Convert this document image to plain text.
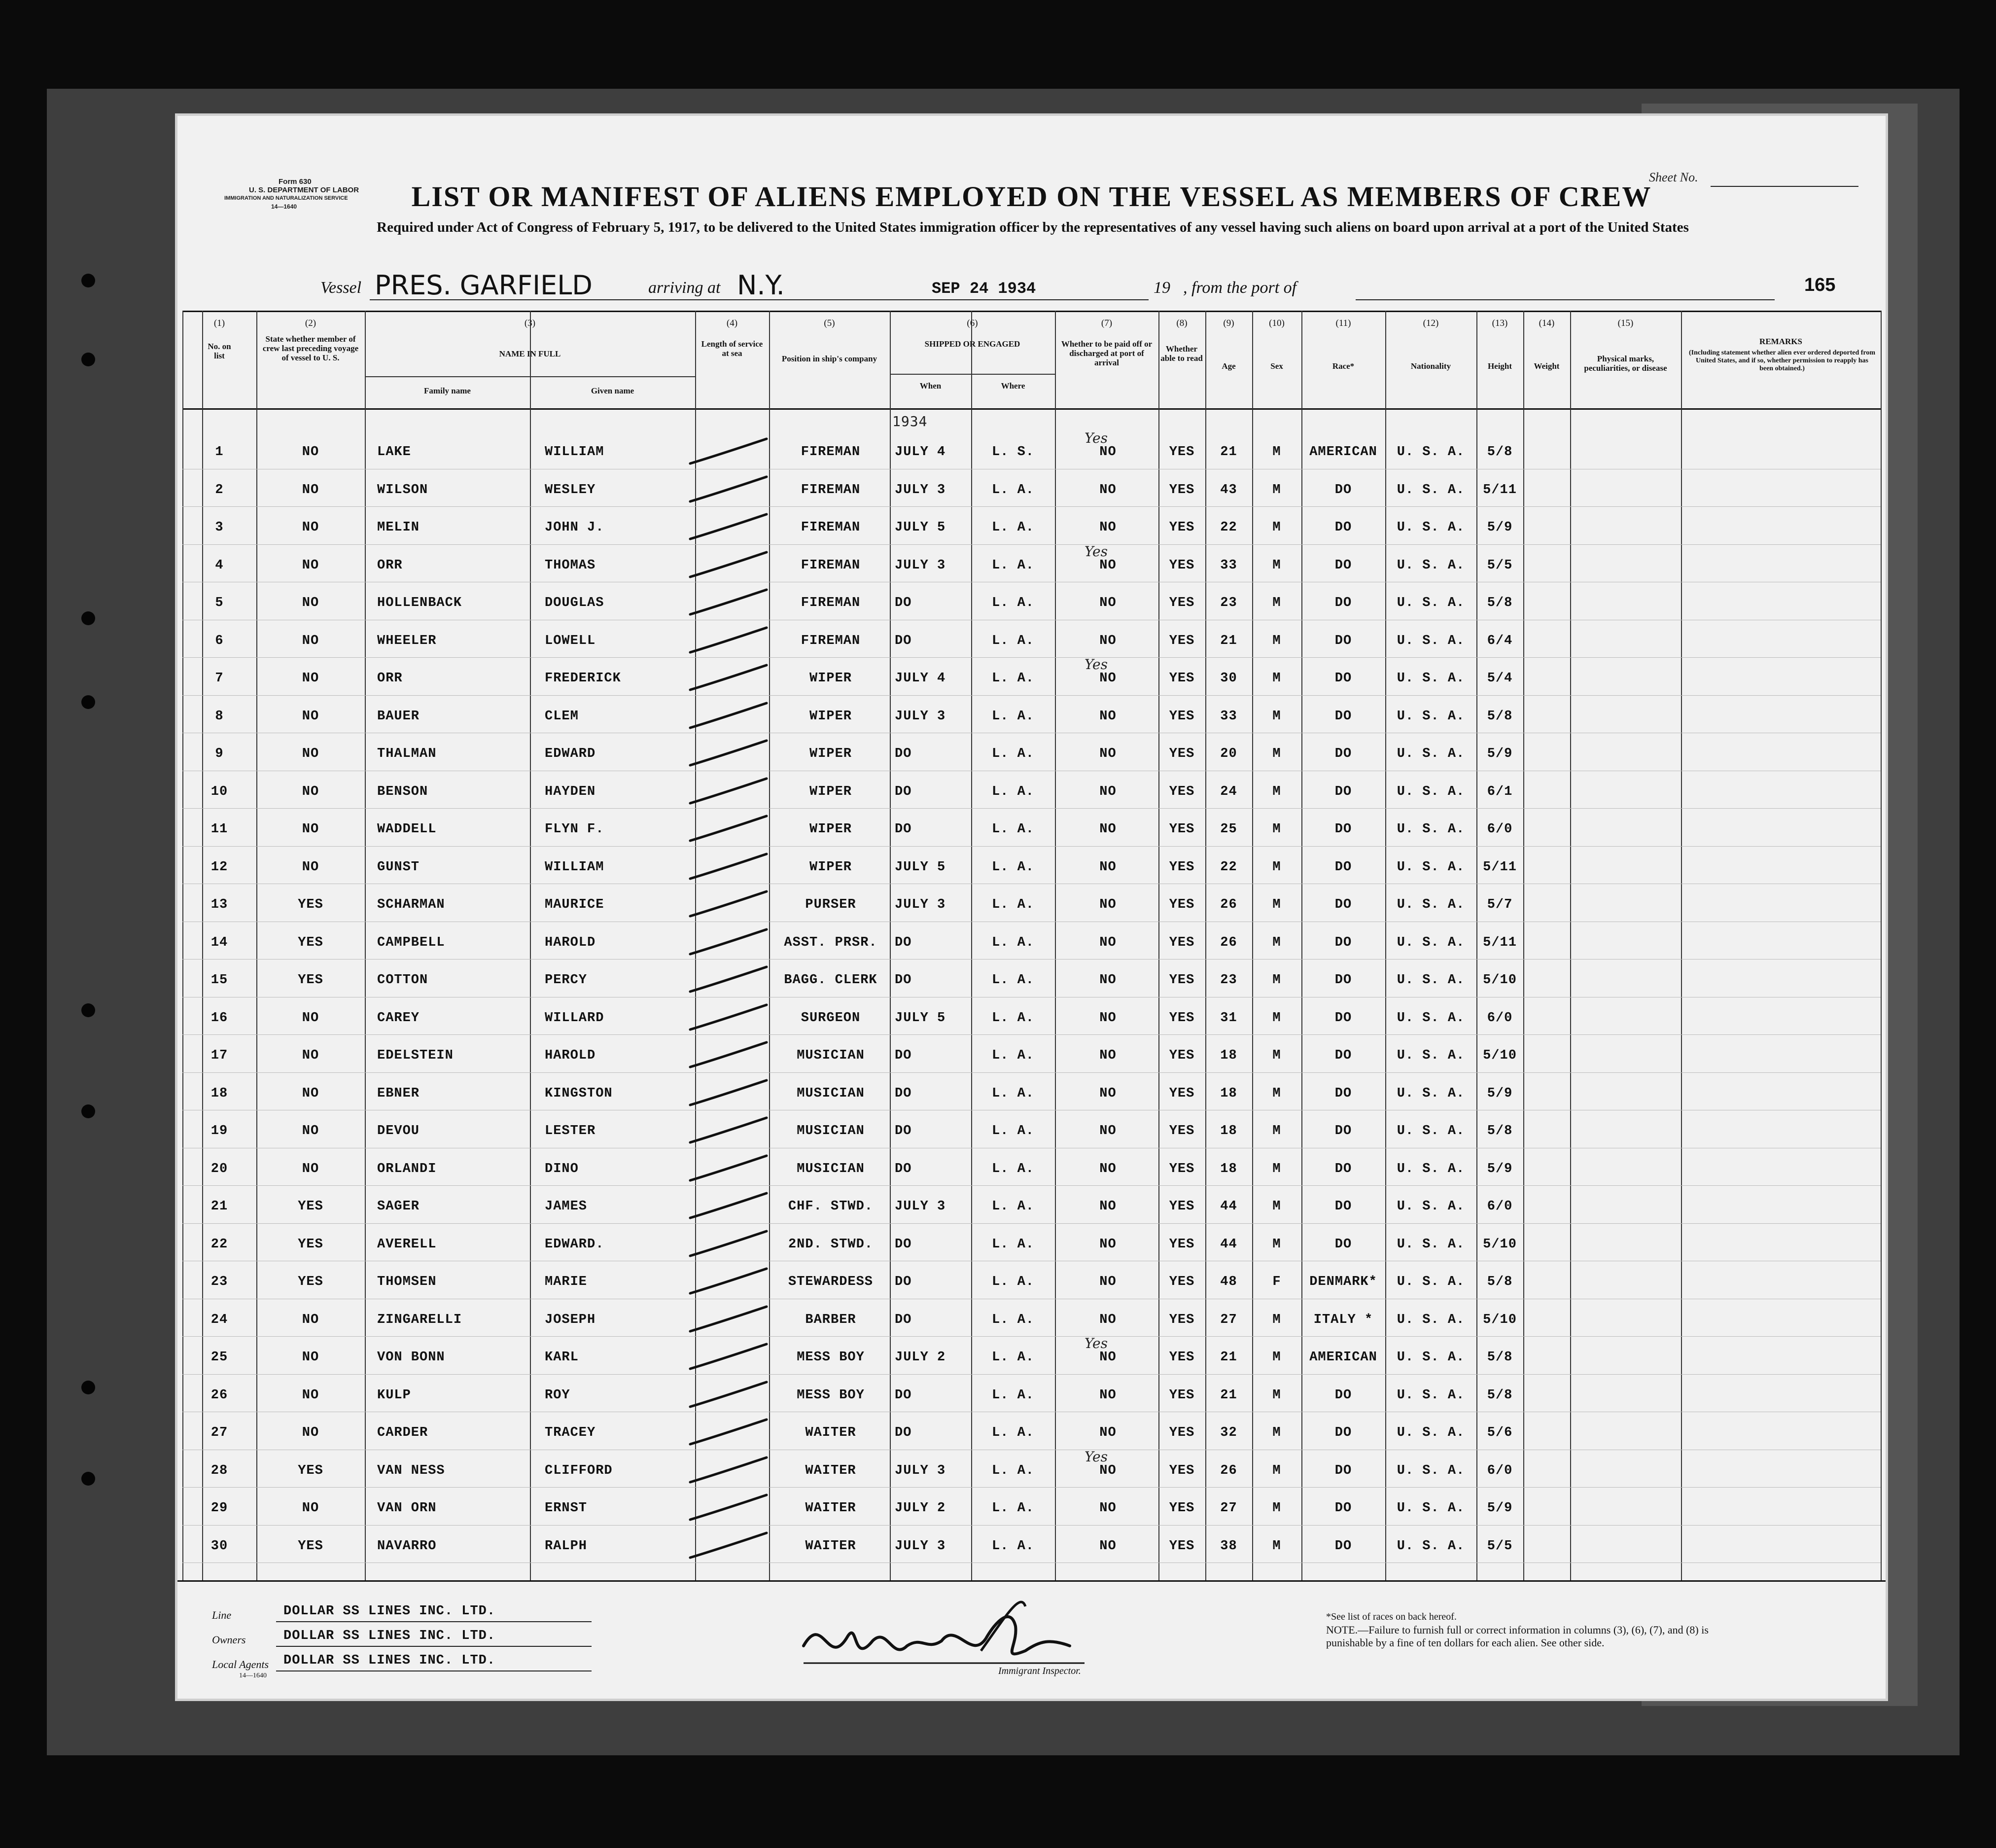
Form 630
U. S. DEPARTMENT OF LABOR
IMMIGRATION AND NATURALIZATION SERVICE
14—1640
Sheet No.
LIST OR MANIFEST OF ALIENS EMPLOYED ON THE VESSEL AS MEMBERS OF CREW
Required under Act of Congress of February 5, 1917, to be delivered to the United States immigration officer by the representatives of any vessel having such aliens on board upon arrival at a port of the United States
Vessel PRES. GARFIELD	arriving at N.Y.	SEP 24 1934	19 , from the port of	165
(1)
No. on list
(2)
State whether member of crew last preceding voyage of vessel to U. S.
(3)
NAME IN FULL
Family name	Given name
(4)
Length of service at sea
(5)
Position in ship's company
(6)
SHIPPED OR ENGAGED
When	Where
(7)
Whether to be paid off or discharged at port of arrival
(8)
Whether able to read
(9)
Age
(10)
Sex
(11)
Race*
(12)
Nationality
(13)
Height
(14)
Weight
(15)
Physical marks, peculiarities, or disease
REMARKS
(Including statement whether alien ever ordered deported from United States, and if so, whether permission to reapply has been obtained.)
1934
1	NO	LAKE	WILLIAM	FIREMAN	JULY 4	L. S.	NO	YES	21	M	AMERICAN	U. S. A.	5/8
Yes
2	NO	WILSON	WESLEY	FIREMAN	JULY 3	L. A.	NO	YES	43	M	DO	U. S. A.	5/11
3	NO	MELIN	JOHN J.	FIREMAN	JULY 5	L. A.	NO	YES	22	M	DO	U. S. A.	5/9
4	NO	ORR	THOMAS	FIREMAN	JULY 3	L. A.	NO	YES	33	M	DO	U. S. A.	5/5
Yes
5	NO	HOLLENBACK	DOUGLAS	FIREMAN	DO	L. A.	NO	YES	23	M	DO	U. S. A.	5/8
6	NO	WHEELER	LOWELL	FIREMAN	DO	L. A.	NO	YES	21	M	DO	U. S. A.	6/4
7	NO	ORR	FREDERICK	WIPER	JULY 4	L. A.	NO	YES	30	M	DO	U. S. A.	5/4
Yes
8	NO	BAUER	CLEM	WIPER	JULY 3	L. A.	NO	YES	33	M	DO	U. S. A.	5/8
9	NO	THALMAN	EDWARD	WIPER	DO	L. A.	NO	YES	20	M	DO	U. S. A.	5/9
10	NO	BENSON	HAYDEN	WIPER	DO	L. A.	NO	YES	24	M	DO	U. S. A.	6/1
11	NO	WADDELL	FLYN F.	WIPER	DO	L. A.	NO	YES	25	M	DO	U. S. A.	6/0
12	NO	GUNST	WILLIAM	WIPER	JULY 5	L. A.	NO	YES	22	M	DO	U. S. A.	5/11
13	YES	SCHARMAN	MAURICE	PURSER	JULY 3	L. A.	NO	YES	26	M	DO	U. S. A.	5/7
14	YES	CAMPBELL	HAROLD	ASST. PRSR.	DO	L. A.	NO	YES	26	M	DO	U. S. A.	5/11
15	YES	COTTON	PERCY	BAGG. CLERK	DO	L. A.	NO	YES	23	M	DO	U. S. A.	5/10
16	NO	CAREY	WILLARD	SURGEON	JULY 5	L. A.	NO	YES	31	M	DO	U. S. A.	6/0
17	NO	EDELSTEIN	HAROLD	MUSICIAN	DO	L. A.	NO	YES	18	M	DO	U. S. A.	5/10
18	NO	EBNER	KINGSTON	MUSICIAN	DO	L. A.	NO	YES	18	M	DO	U. S. A.	5/9
19	NO	DEVOU	LESTER	MUSICIAN	DO	L. A.	NO	YES	18	M	DO	U. S. A.	5/8
20	NO	ORLANDI	DINO	MUSICIAN	DO	L. A.	NO	YES	18	M	DO	U. S. A.	5/9
21	YES	SAGER	JAMES	CHF. STWD.	JULY 3	L. A.	NO	YES	44	M	DO	U. S. A.	6/0
22	YES	AVERELL	EDWARD.	2ND. STWD.	DO	L. A.	NO	YES	44	M	DO	U. S. A.	5/10
23	YES	THOMSEN	MARIE	STEWARDESS	DO	L. A.	NO	YES	48	F	DENMARK*	U. S. A.	5/8
24	NO	ZINGARELLI	JOSEPH	BARBER	DO	L. A.	NO	YES	27	M	ITALY *	U. S. A.	5/10
25	NO	VON BONN	KARL	MESS BOY	JULY 2	L. A.	NO	YES	21	M	AMERICAN	U. S. A.	5/8
Yes
26	NO	KULP	ROY	MESS BOY	DO	L. A.	NO	YES	21	M	DO	U. S. A.	5/8
27	NO	CARDER	TRACEY	WAITER	DO	L. A.	NO	YES	32	M	DO	U. S. A.	5/6
28	YES	VAN NESS	CLIFFORD	WAITER	JULY 3	L. A.	NO	YES	26	M	DO	U. S. A.	6/0
Yes
29	NO	VAN ORN	ERNST	WAITER	JULY 2	L. A.	NO	YES	27	M	DO	U. S. A.	5/9
30	YES	NAVARRO	RALPH	WAITER	JULY 3	L. A.	NO	YES	38	M	DO	U. S. A.	5/5
Line	DOLLAR SS LINES INC. LTD.
Owners	DOLLAR SS LINES INC. LTD.
Local Agents DOLLAR SS LINES INC. LTD.
14—1640	Immigrant Inspector.
*See list of races on back hereof.
NOTE.—Failure to furnish full or correct information in columns (3), (6), (7), and (8) is punishable by a fine of ten dollars for each alien. See other side.
